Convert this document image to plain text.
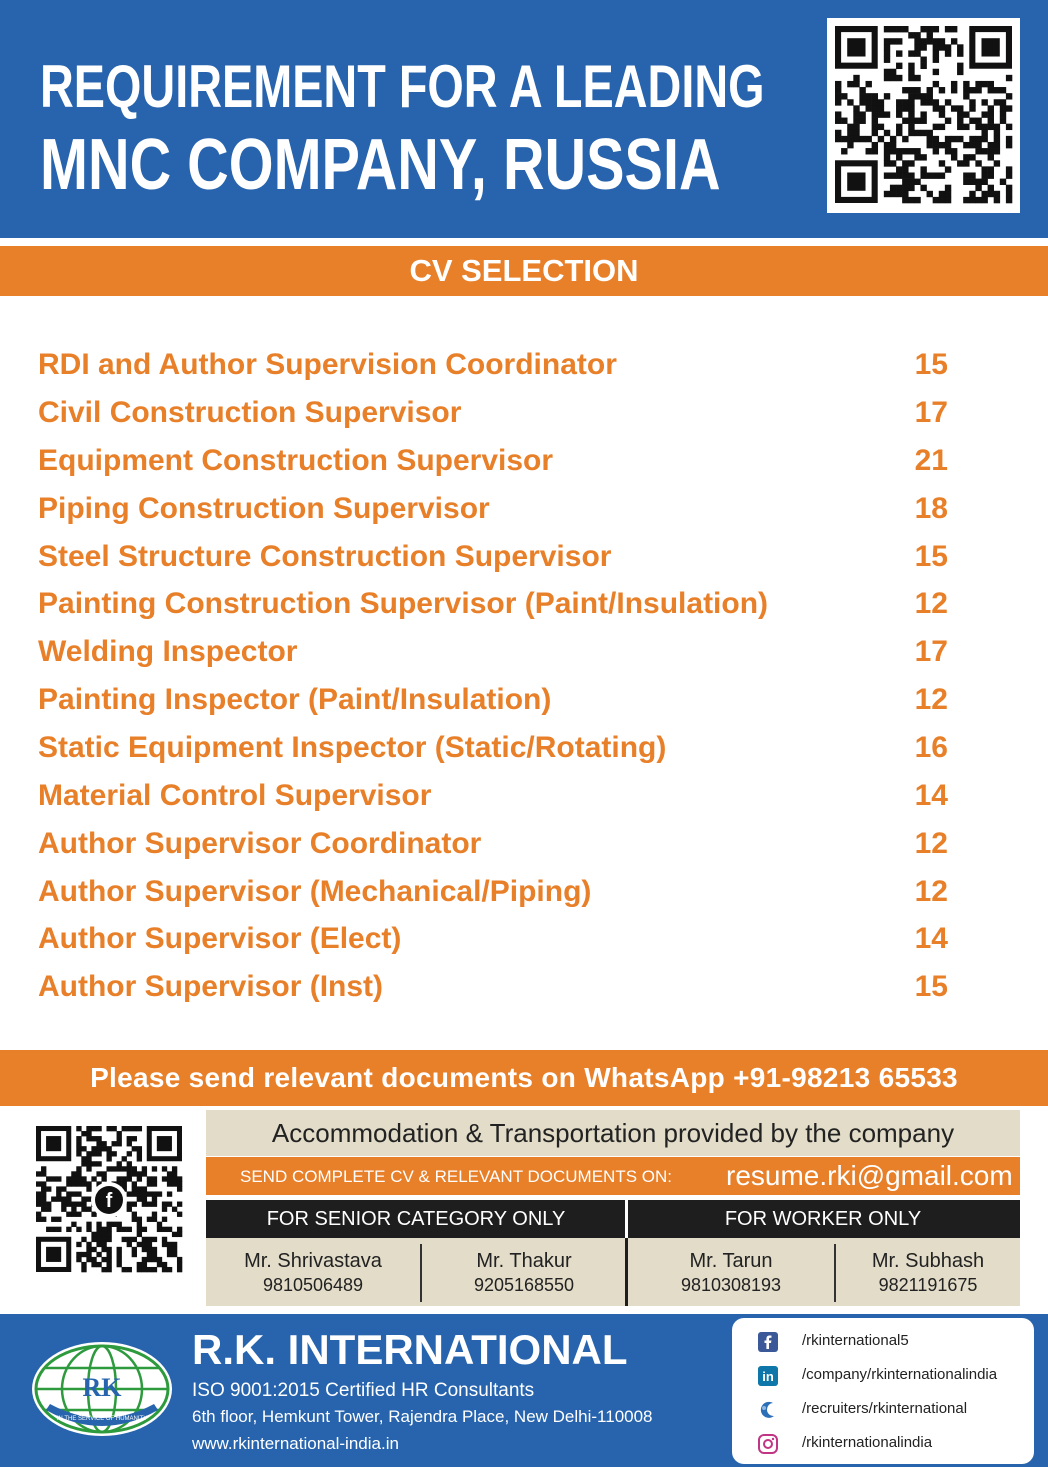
REQUIREMENT FOR A LEADING
MNC COMPANY, RUSSIA
CV SELECTION
RDI and Author Supervision Coordinator	15
Civil Construction Supervisor	17
Equipment Construction Supervisor	21
Piping Construction Supervisor	18
Steel Structure Construction Supervisor	15
Painting Construction Supervisor (Paint/Insulation)	12
Welding Inspector	17
Painting Inspector (Paint/Insulation)	12
Static Equipment Inspector (Static/Rotating)	16
Material Control Supervisor	14
Author Supervisor Coordinator	12
Author Supervisor (Mechanical/Piping)	12
Author Supervisor (Elect)	14
Author Supervisor (Inst)	15
Please send relevant documents on WhatsApp +91-98213 65533
f
Accommodation & Transportation provided by the company
SEND COMPLETE CV & RELEVANT DOCUMENTS ON: resume.rki@gmail.com
FOR SENIOR CATEGORY ONLY	FOR WORKER ONLY
Mr. Shrivastava
9810506489
Mr. Thakur
9205168550
Mr. Tarun
9810308193
Mr. Subhash
9821191675
RK
IN THE SERVICE OF HUMANITY
R.K. INTERNATIONAL
ISO 9001:2015 Certified HR Consultants
6th floor, Hemkunt Tower, Rajendra Place, New Delhi-110008
www.rkinternational-india.in
/rkinternational5
in /company/rkinternationalindia
/recruiters/rkinternational
/rkinternationalindia
